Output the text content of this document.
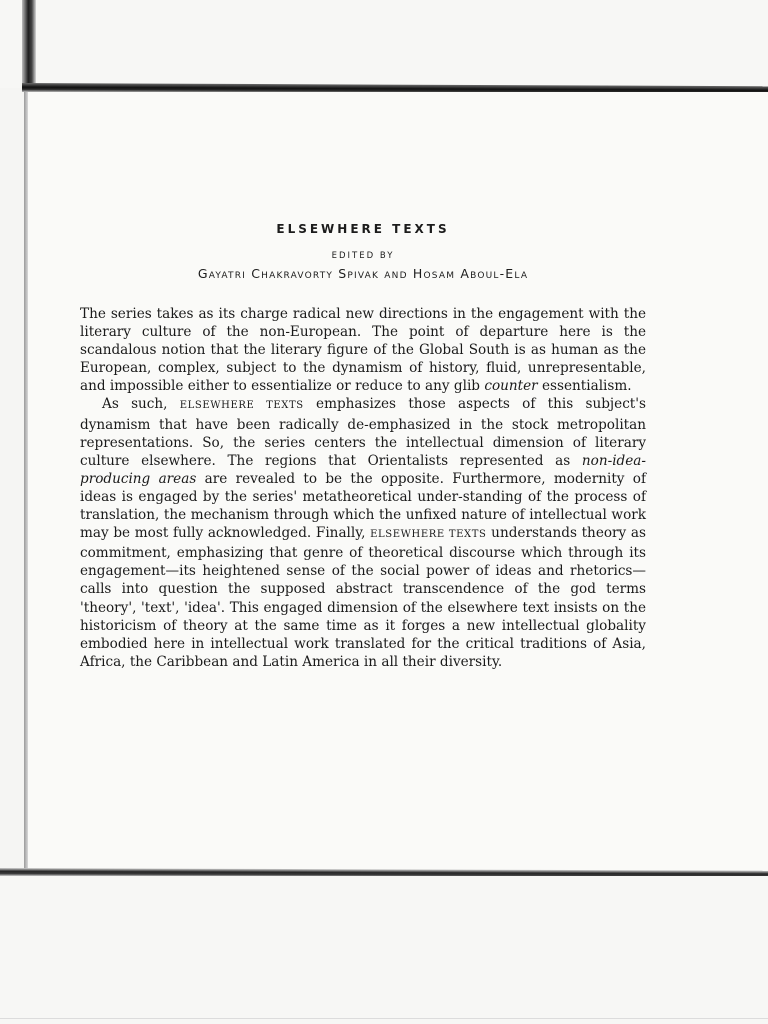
ELSEWHERE TEXTS
EDITED BY
Gayatri Chakravorty Spivak and Hosam Aboul-Ela

The series takes as its charge radical new directions in the engagement with the literary culture of the non-European. The point of departure here is the scandalous notion that the literary figure of the Global South is as human as the European, complex, subject to the dynamism of history, fluid, unrepresentable, and impossible either to essentialize or reduce to any glib counter essentialism.

As such, ELSEWHERE TEXTS emphasizes those aspects of this subject's dynamism that have been radically de-emphasized in the stock metropolitan representations. So, the series centers the intellectual dimension of literary culture elsewhere. The regions that Orientalists represented as non-idea-producing areas are revealed to be the opposite. Furthermore, modernity of ideas is engaged by the series' metatheoretical under-standing of the process of translation, the mechanism through which the unfixed nature of intellectual work may be most fully acknowledged. Finally, ELSEWHERE TEXTS understands theory as commitment, emphasizing that genre of theoretical discourse which through its engagement—its heightened sense of the social power of ideas and rhetorics—calls into question the supposed abstract transcendence of the god terms 'theory', 'text', 'idea'. This engaged dimension of the elsewhere text insists on the historicism of theory at the same time as it forges a new intellectual globality embodied here in intellectual work translated for the critical traditions of Asia, Africa, the Caribbean and Latin America in all their diversity.
